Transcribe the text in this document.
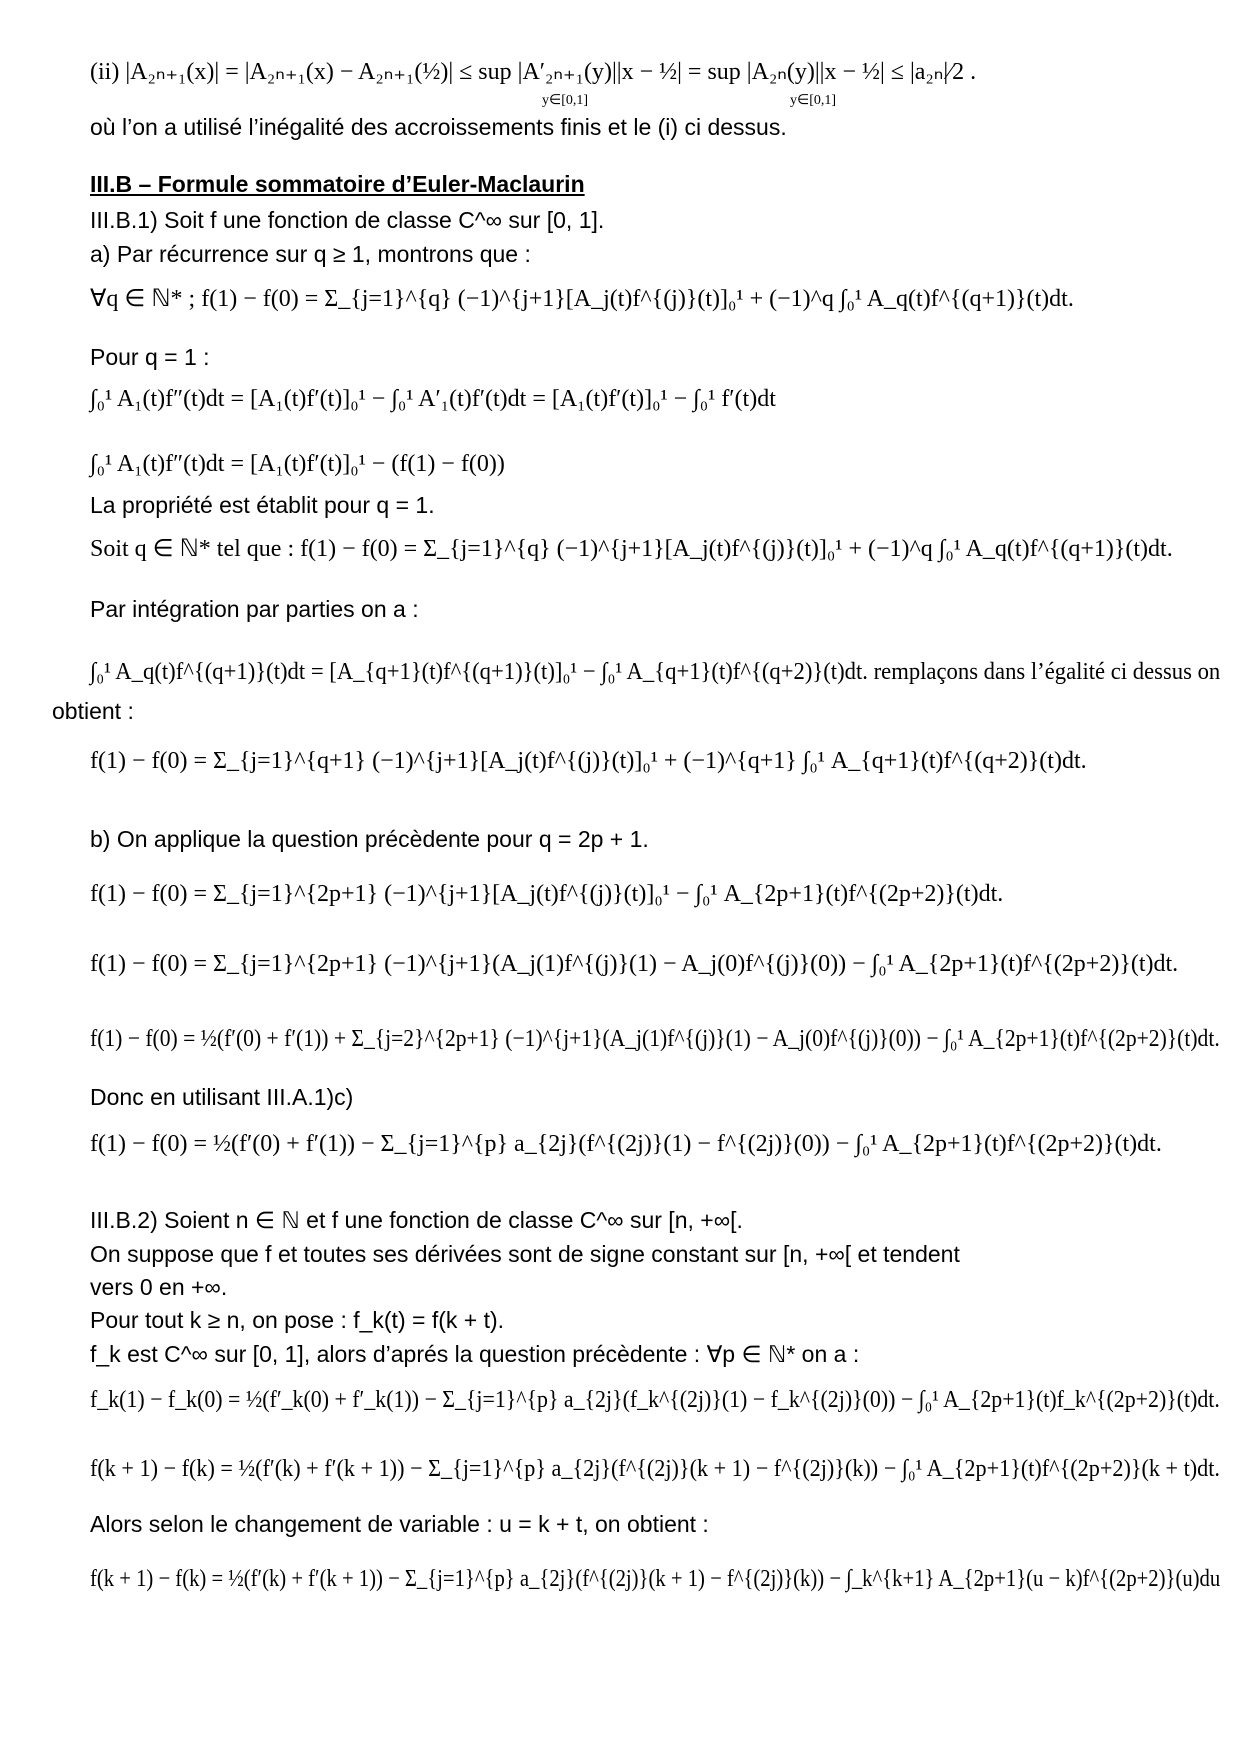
(ii) |A₂ₙ₊₁(x)| = |A₂ₙ₊₁(x) − A₂ₙ₊₁(½)| ≤ sup |A′₂ₙ₊₁(y)||x − ½| = sup |A₂ₙ(y)||x − ½| ≤ |a₂ₙ|⁄2 .
y∈[0,1]	y∈[0,1]
où l’on a utilisé l’inégalité des accroissements finis et le (i) ci dessus.
III.B – Formule sommatoire d’Euler-Maclaurin
III.B.1) Soit f une fonction de classe C^∞ sur [0, 1].
a) Par récurrence sur q ≥ 1, montrons que :
∀q ∈ ℕ* ; f(1) − f(0) = Σ_{j=1}^{q} (−1)^{j+1}[A_j(t)f^{(j)}(t)]₀¹ + (−1)^q ∫₀¹ A_q(t)f^{(q+1)}(t)dt.
Pour q = 1 :
∫₀¹ A₁(t)f″(t)dt = [A₁(t)f′(t)]₀¹ − ∫₀¹ A′₁(t)f′(t)dt = [A₁(t)f′(t)]₀¹ − ∫₀¹ f′(t)dt
∫₀¹ A₁(t)f″(t)dt = [A₁(t)f′(t)]₀¹ − (f(1) − f(0))
La propriété est établit pour q = 1.
Soit q ∈ ℕ* tel que : f(1) − f(0) = Σ_{j=1}^{q} (−1)^{j+1}[A_j(t)f^{(j)}(t)]₀¹ + (−1)^q ∫₀¹ A_q(t)f^{(q+1)}(t)dt.
Par intégration par parties on a :
∫₀¹ A_q(t)f^{(q+1)}(t)dt = [A_{q+1}(t)f^{(q+1)}(t)]₀¹ − ∫₀¹ A_{q+1}(t)f^{(q+2)}(t)dt. remplaçons dans l’égalité ci dessus on
obtient :
f(1) − f(0) = Σ_{j=1}^{q+1} (−1)^{j+1}[A_j(t)f^{(j)}(t)]₀¹ + (−1)^{q+1} ∫₀¹ A_{q+1}(t)f^{(q+2)}(t)dt.
b) On applique la question précèdente pour q = 2p + 1.
f(1) − f(0) = Σ_{j=1}^{2p+1} (−1)^{j+1}[A_j(t)f^{(j)}(t)]₀¹ − ∫₀¹ A_{2p+1}(t)f^{(2p+2)}(t)dt.
f(1) − f(0) = Σ_{j=1}^{2p+1} (−1)^{j+1}(A_j(1)f^{(j)}(1) − A_j(0)f^{(j)}(0)) − ∫₀¹ A_{2p+1}(t)f^{(2p+2)}(t)dt.
f(1) − f(0) = ½(f′(0) + f′(1)) + Σ_{j=2}^{2p+1} (−1)^{j+1}(A_j(1)f^{(j)}(1) − A_j(0)f^{(j)}(0)) − ∫₀¹ A_{2p+1}(t)f^{(2p+2)}(t)dt.
Donc en utilisant III.A.1)c)
f(1) − f(0) = ½(f′(0) + f′(1)) − Σ_{j=1}^{p} a_{2j}(f^{(2j)}(1) − f^{(2j)}(0)) − ∫₀¹ A_{2p+1}(t)f^{(2p+2)}(t)dt.
III.B.2) Soient n ∈ ℕ et f une fonction de classe C^∞ sur [n, +∞[.
On suppose que f et toutes ses dérivées sont de signe constant sur [n, +∞[ et tendent
vers 0 en +∞.
Pour tout k ≥ n, on pose : f_k(t) = f(k + t).
f_k est C^∞ sur [0, 1], alors d’aprés la question précèdente : ∀p ∈ ℕ* on a :
f_k(1) − f_k(0) = ½(f′_k(0) + f′_k(1)) − Σ_{j=1}^{p} a_{2j}(f_k^{(2j)}(1) − f_k^{(2j)}(0)) − ∫₀¹ A_{2p+1}(t)f_k^{(2p+2)}(t)dt.
f(k + 1) − f(k) = ½(f′(k) + f′(k + 1)) − Σ_{j=1}^{p} a_{2j}(f^{(2j)}(k + 1) − f^{(2j)}(k)) − ∫₀¹ A_{2p+1}(t)f^{(2p+2)}(k + t)dt.
Alors selon le changement de variable : u = k + t, on obtient :
f(k + 1) − f(k) = ½(f′(k) + f′(k + 1)) − Σ_{j=1}^{p} a_{2j}(f^{(2j)}(k + 1) − f^{(2j)}(k)) − ∫_k^{k+1} A_{2p+1}(u − k)f^{(2p+2)}(u)du
